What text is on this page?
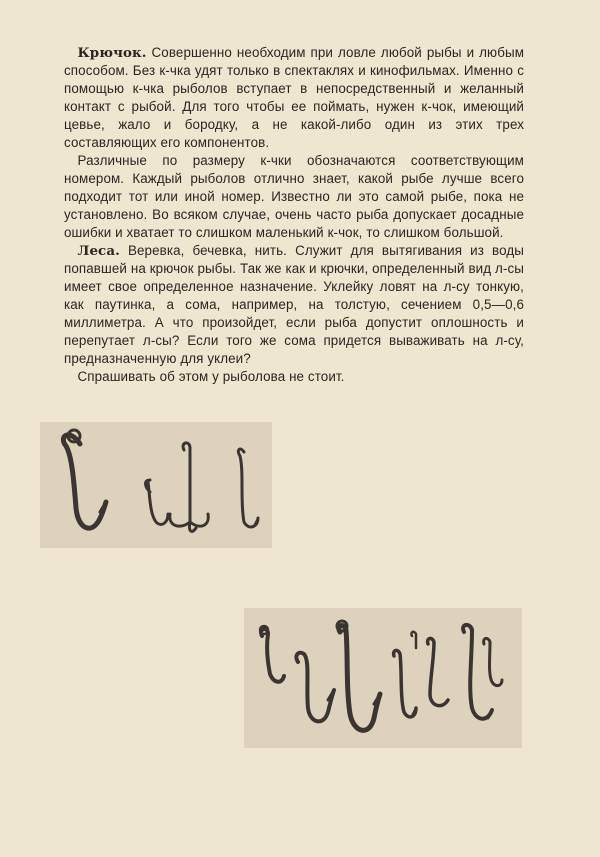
 Крючок. Совершенно необходим при ловле любой рыбы и любым способом. Без к-чка удят только в спектаклях и кинофильмах. Именно с помощью к-чка рыболов вступает в непосредственный и желанный контакт с рыбой. Для того чтобы ее поймать, нужен к-чок, имеющий цевье, жало и бородку, а не какой-либо один из этих трех составляющих его компонентов.

 Различные по размеру к-чки обозначаются соответствующим номером. Каждый рыболов отлично знает, какой рыбе лучше всего подходит тот или иной номер. Известно ли это самой рыбе, пока не установлено. Во всяком случае, очень часто рыба допускает досадные ошибки и хватает то слишком маленький к-чок, то слишком большой.

 Леса. Веревка, бечевка, нить. Служит для вытягивания из воды попавшей на крючок рыбы. Так же как и крючки, определенный вид л-сы имеет свое определенное назначение. Уклейку ловят на л-су тонкую, как паутинка, а сома, например, на толстую, сечением 0,5—0,6 миллиметра. А что произойдет, если рыба допустит оплошность и перепутает л-сы? Если того же сома придется вываживать на л-су, предназначенную для уклеи?

 Спрашивать об этом у рыболова не стоит.
